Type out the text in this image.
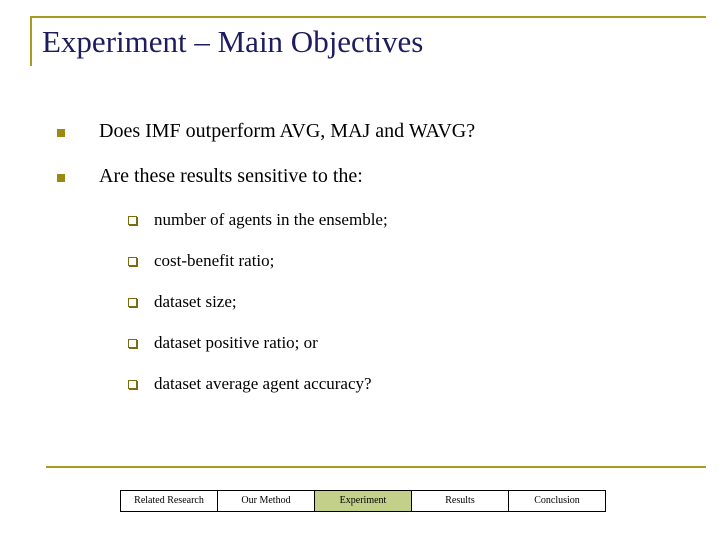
Experiment – Main Objectives
Does IMF outperform AVG, MAJ and WAVG?
Are these results sensitive to the:
number of agents in the ensemble;
cost-benefit ratio;
dataset size;
dataset positive ratio; or
dataset average agent accuracy?
Related Research	Our Method	Experiment	Results	Conclusion
